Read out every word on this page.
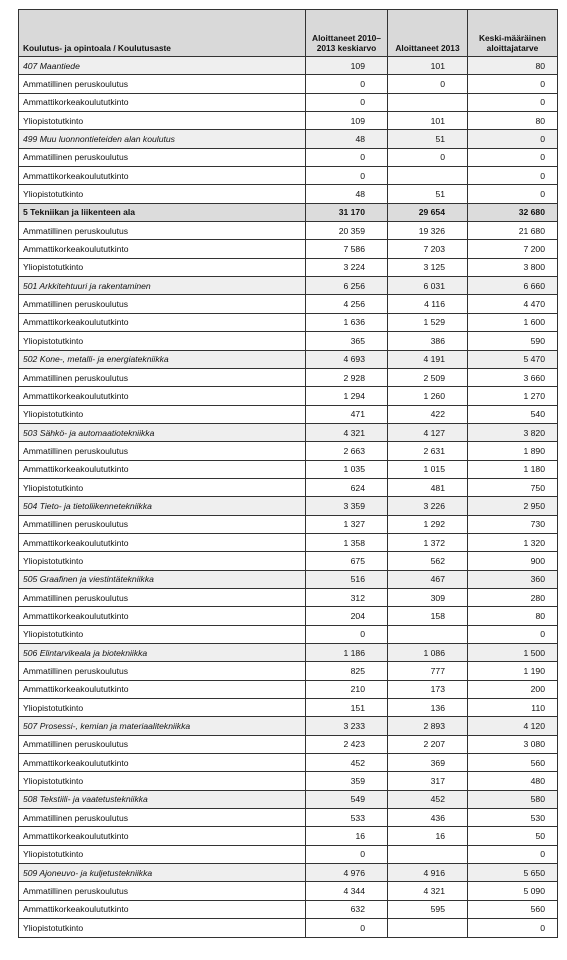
Koulutus- ja opintoala / Koulutusaste	Aloittaneet 2010–2013 keskiarvo	Aloittaneet 2013	Keski-määräinen aloittajatarve
407 Maantiede	109	101	80
Ammatillinen peruskoulutus	0	0	0
Ammattikorkeakoulututkinto	0		0
Yliopistotutkinto	109	101	80
499 Muu luonnontieteiden alan koulutus	48	51	0
Ammatillinen peruskoulutus	0	0	0
Ammattikorkeakoulututkinto	0		0
Yliopistotutkinto	48	51	0
5 Tekniikan ja liikenteen ala	31 170	29 654	32 680
Ammatillinen peruskoulutus	20 359	19 326	21 680
Ammattikorkeakoulututkinto	7 586	7 203	7 200
Yliopistotutkinto	3 224	3 125	3 800
501 Arkkitehtuuri ja rakentaminen	6 256	6 031	6 660
Ammatillinen peruskoulutus	4 256	4 116	4 470
Ammattikorkeakoulututkinto	1 636	1 529	1 600
Yliopistotutkinto	365	386	590
502 Kone-, metalli- ja energiatekniikka	4 693	4 191	5 470
Ammatillinen peruskoulutus	2 928	2 509	3 660
Ammattikorkeakoulututkinto	1 294	1 260	1 270
Yliopistotutkinto	471	422	540
503 Sähkö- ja automaatiotekniikka	4 321	4 127	3 820
Ammatillinen peruskoulutus	2 663	2 631	1 890
Ammattikorkeakoulututkinto	1 035	1 015	1 180
Yliopistotutkinto	624	481	750
504 Tieto- ja tietoliikennetekniikka	3 359	3 226	2 950
Ammatillinen peruskoulutus	1 327	1 292	730
Ammattikorkeakoulututkinto	1 358	1 372	1 320
Yliopistotutkinto	675	562	900
505 Graafinen ja viestintätekniikka	516	467	360
Ammatillinen peruskoulutus	312	309	280
Ammattikorkeakoulututkinto	204	158	80
Yliopistotutkinto	0		0
506 Elintarvikeala ja biotekniikka	1 186	1 086	1 500
Ammatillinen peruskoulutus	825	777	1 190
Ammattikorkeakoulututkinto	210	173	200
Yliopistotutkinto	151	136	110
507 Prosessi-, kemian ja materiaalitekniikka	3 233	2 893	4 120
Ammatillinen peruskoulutus	2 423	2 207	3 080
Ammattikorkeakoulututkinto	452	369	560
Yliopistotutkinto	359	317	480
508 Tekstiili- ja vaatetustekniikka	549	452	580
Ammatillinen peruskoulutus	533	436	530
Ammattikorkeakoulututkinto	16	16	50
Yliopistotutkinto	0		0
509 Ajoneuvo- ja kuljetustekniikka	4 976	4 916	5 650
Ammatillinen peruskoulutus	4 344	4 321	5 090
Ammattikorkeakoulututkinto	632	595	560
Yliopistotutkinto	0		0
